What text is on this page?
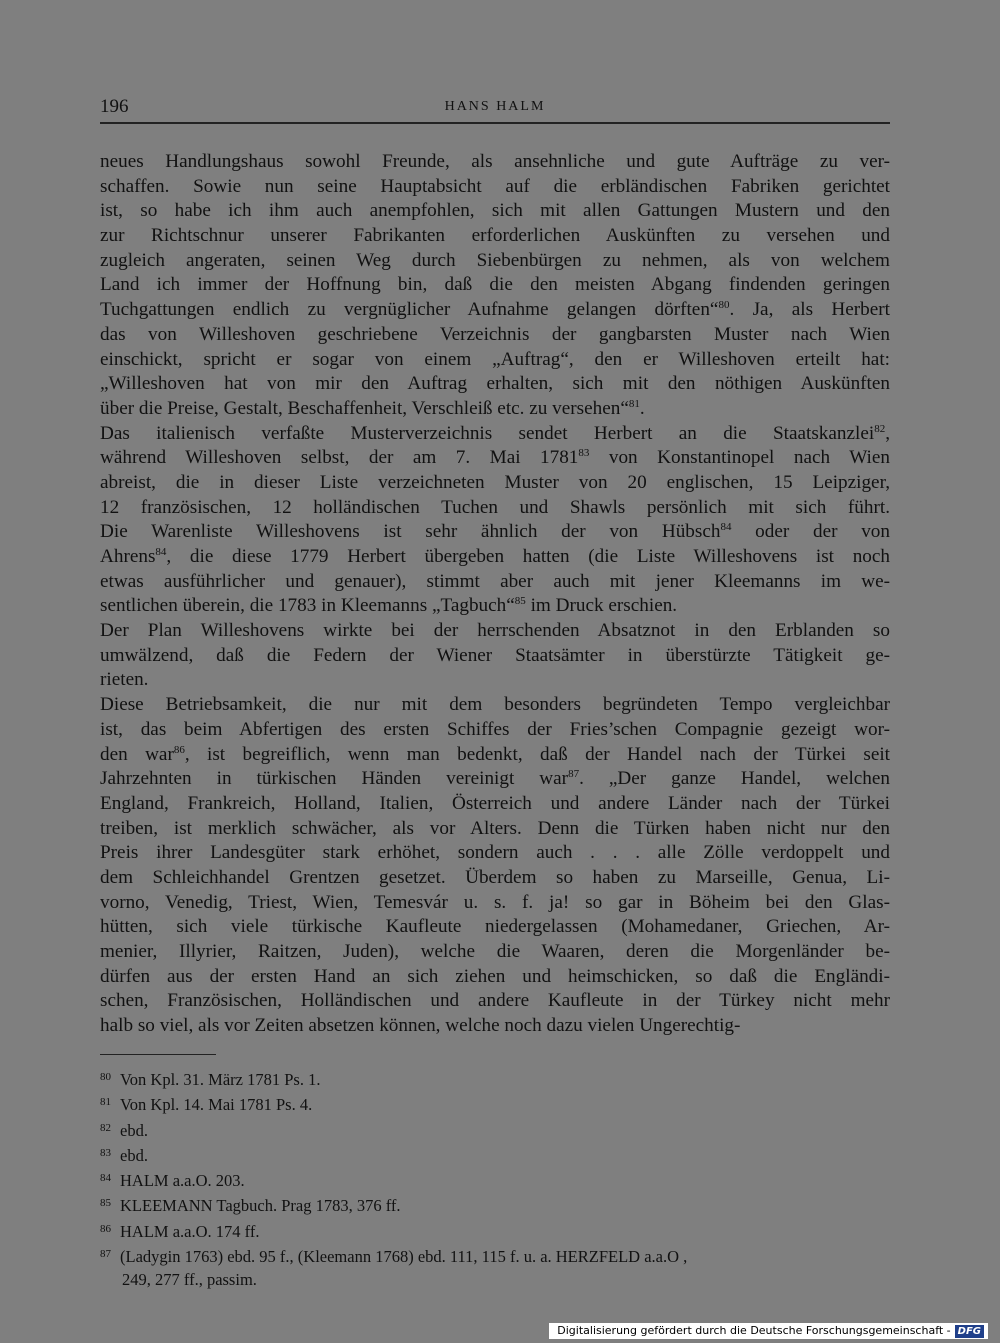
196	HANS HALM
neues Handlungshaus sowohl Freunde, als ansehnliche und gute Aufträge zu ver-
schaffen. Sowie nun seine Hauptabsicht auf die erbländischen Fabriken gerichtet
ist, so habe ich ihm auch anempfohlen, sich mit allen Gattungen Mustern und den
zur Richtschnur unserer Fabrikanten erforderlichen Auskünften zu versehen und
zugleich angeraten, seinen Weg durch Siebenbürgen zu nehmen, als von welchem
Land ich immer der Hoffnung bin, daß die den meisten Abgang findenden geringen
Tuchgattungen endlich zu vergnüglicher Aufnahme gelangen dörften“$^{80}$. Ja, als Herbert
das von Willeshoven geschriebene Verzeichnis der gangbarsten Muster nach Wien
einschickt, spricht er sogar von einem „Auftrag“, den er Willeshoven erteilt hat:
„Willeshoven hat von mir den Auftrag erhalten, sich mit den nöthigen Auskünften
über die Preise, Gestalt, Beschaffenheit, Verschleiß etc. zu versehen“$^{81}$.
Das italienisch verfaßte Musterverzeichnis sendet Herbert an die Staatskanzlei$^{82}$,
während Willeshoven selbst, der am 7. Mai 1781$^{83}$ von Konstantinopel nach Wien
abreist, die in dieser Liste verzeichneten Muster von 20 englischen, 15 Leipziger,
12 französischen, 12 holländischen Tuchen und Shawls persönlich mit sich führt.
Die Warenliste Willeshovens ist sehr ähnlich der von Hübsch$^{84}$ oder der von
Ahrens$^{84}$, die diese 1779 Herbert übergeben hatten (die Liste Willeshovens ist noch
etwas ausführlicher und genauer), stimmt aber auch mit jener Kleemanns im we-
sentlichen überein, die 1783 in Kleemanns „Tagbuch“$^{85}$ im Druck erschien.
Der Plan Willeshovens wirkte bei der herrschenden Absatznot in den Erblanden so
umwälzend, daß die Federn der Wiener Staatsämter in überstürzte Tätigkeit ge-
rieten.
Diese Betriebsamkeit, die nur mit dem besonders begründeten Tempo vergleichbar
ist, das beim Abfertigen des ersten Schiffes der Fries’schen Compagnie gezeigt wor-
den war$^{86}$, ist begreiflich, wenn man bedenkt, daß der Handel nach der Türkei seit
Jahrzehnten in türkischen Händen vereinigt war$^{87}$. „Der ganze Handel, welchen
England, Frankreich, Holland, Italien, Österreich und andere Länder nach der Türkei
treiben, ist merklich schwächer, als vor Alters. Denn die Türken haben nicht nur den
Preis ihrer Landesgüter stark erhöhet, sondern auch . . . alle Zölle verdoppelt und
dem Schleichhandel Grentzen gesetzet. Überdem so haben zu Marseille, Genua, Li-
vorno, Venedig, Triest, Wien, Temesvár u. s. f. ja! so gar in Böheim bei den Glas-
hütten, sich viele türkische Kaufleute niedergelassen (Mohamedaner, Griechen, Ar-
menier, Illyrier, Raitzen, Juden), welche die Waaren, deren die Morgenländer be-
dürfen aus der ersten Hand an sich ziehen und heimschicken, so daß die Engländi-
schen, Französischen, Holländischen und andere Kaufleute in der Türkey nicht mehr
halb so viel, als vor Zeiten absetzen können, welche noch dazu vielen Ungerechtig-
80 Von Kpl. 31. März 1781 Ps. 1.
81 Von Kpl. 14. Mai 1781 Ps. 4.
82 ebd.
83 ebd.
84 HALM a.a.O. 203.
85 KLEEMANN Tagbuch. Prag 1783, 376 ff.
86 HALM a.a.O. 174 ff.
87 (Ladygin 1763) ebd. 95 f., (Kleemann 1768) ebd. 111, 115 f. u. a. HERZFELD a.a.O ,
249, 277 ff., passim.
Digitalisierung gefördert durch die Deutsche Forschungsgemeinschaft - DFG
